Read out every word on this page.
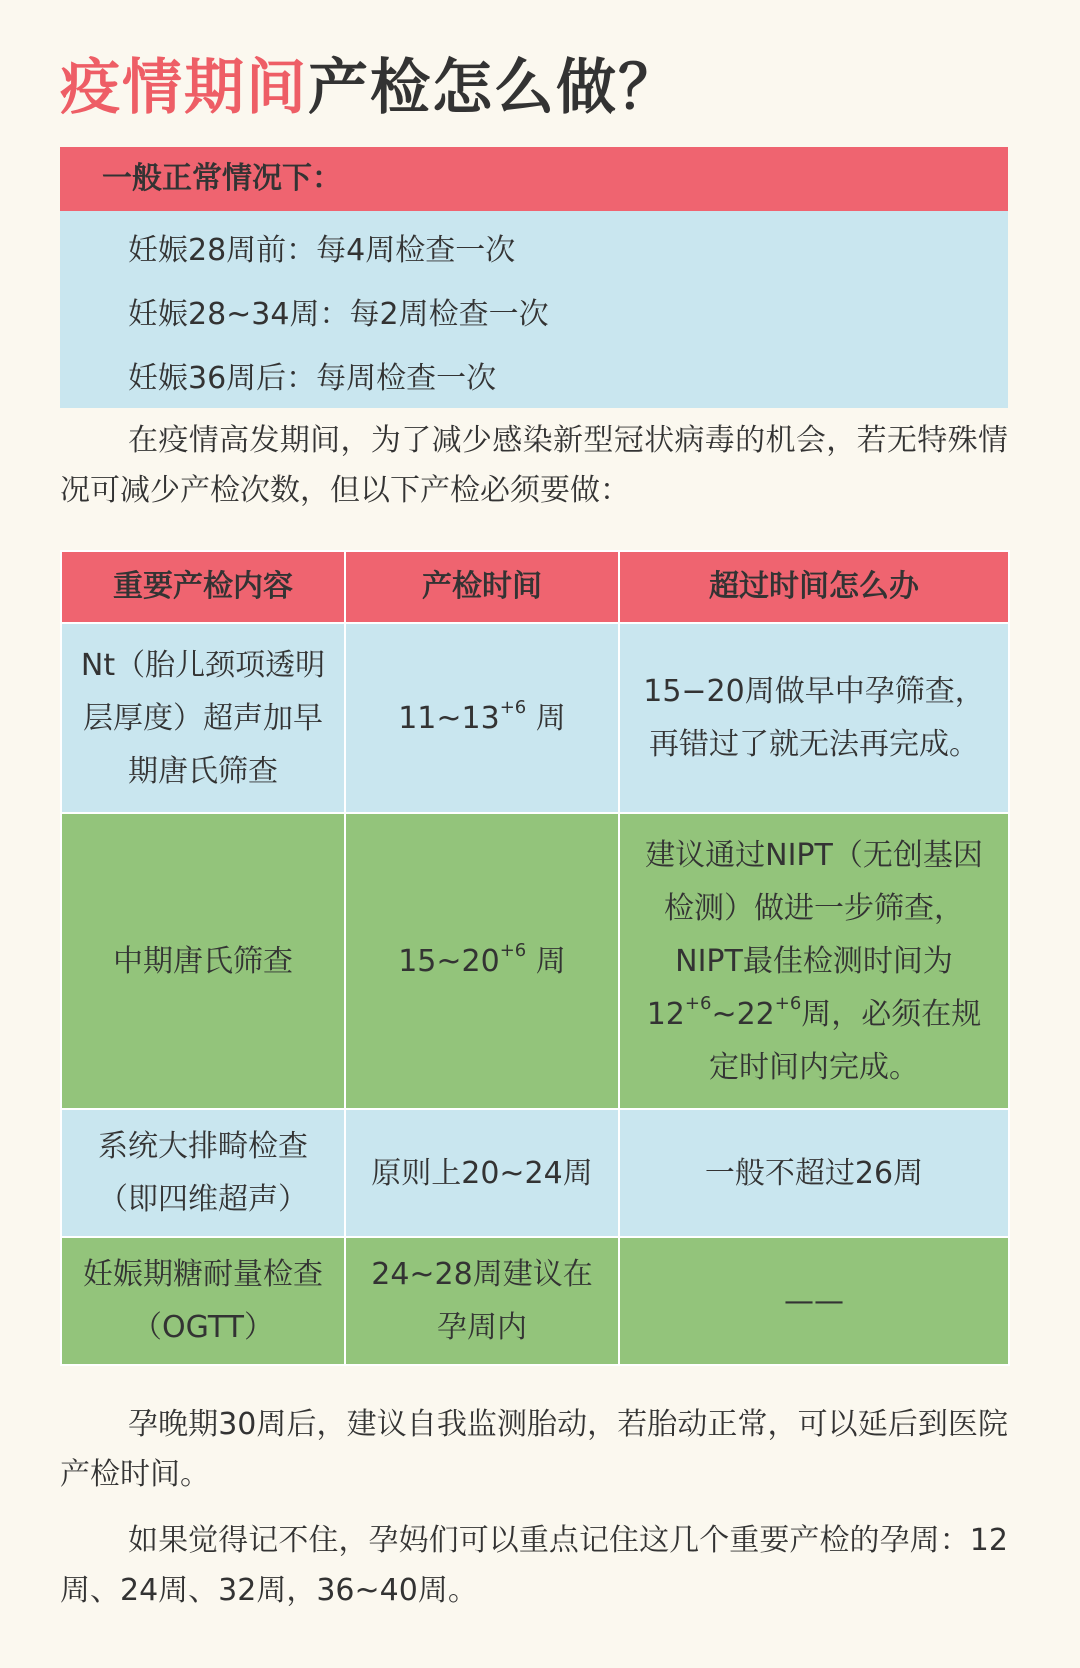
疫情期间产检怎么做？
一般正常情况下：
妊娠28周前：每4周检查一次
妊娠28~34周：每2周检查一次
妊娠36周后：每周检查一次
在疫情高发期间，为了减少感染新型冠状病毒的机会，若无特殊情况可减少产检次数，但以下产检必须要做：
重要产检内容	产检时间	超过时间怎么办
Nt（胎儿颈项透明层厚度）超声加早期唐氏筛查	$11\sim 13^{+6}$ 周	15−20周做早中孕筛查，再错过了就无法再完成。
中期唐氏筛查	$15\sim 20^{+6}$ 周	建议通过NIPT（无创基因检测）做进一步筛查，NIPT最佳检测时间为$12^{+6}\sim 22^{+6}$周，必须在规定时间内完成。
系统大排畸检查（即四维超声）	原则上20~24周	一般不超过26周
妊娠期糖耐量检查（OGTT）	24~28周建议在孕周内	——
孕晚期30周后，建议自我监测胎动，若胎动正常，可以延后到医院产检时间。
如果觉得记不住，孕妈们可以重点记住这几个重要产检的孕周：12周、24周、32周，36~40周。
